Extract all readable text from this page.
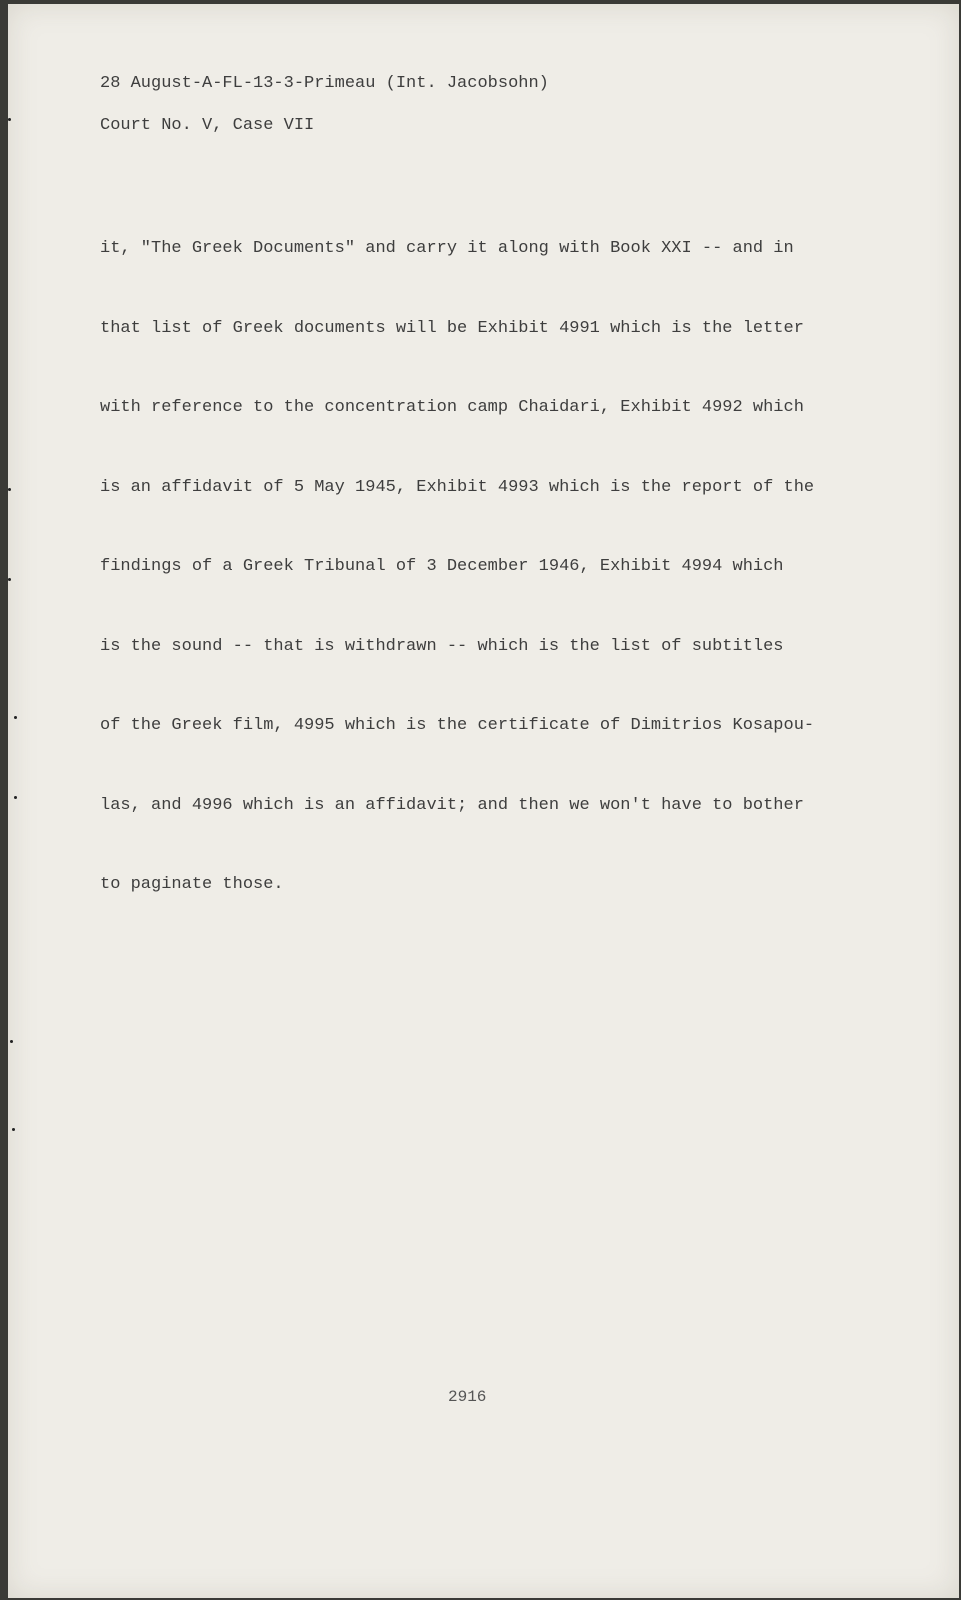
28 August-A-FL-13-3-Primeau (Int. Jacobsohn)
Court No. V, Case VII

it, "The Greek Documents" and carry it along with Book XXI -- and in

that list of Greek documents will be Exhibit 4991 which is the letter

with reference to the concentration camp Chaidari, Exhibit 4992 which

is an affidavit of 5 May 1945, Exhibit 4993 which is the report of the

findings of a Greek Tribunal of 3 December 1946, Exhibit 4994 which

is the sound -- that is withdrawn -- which is the list of subtitles

of the Greek film, 4995 which is the certificate of Dimitrios Kosapou-

las, and 4996 which is an affidavit; and then we won't have to bother

to paginate those.

2916
